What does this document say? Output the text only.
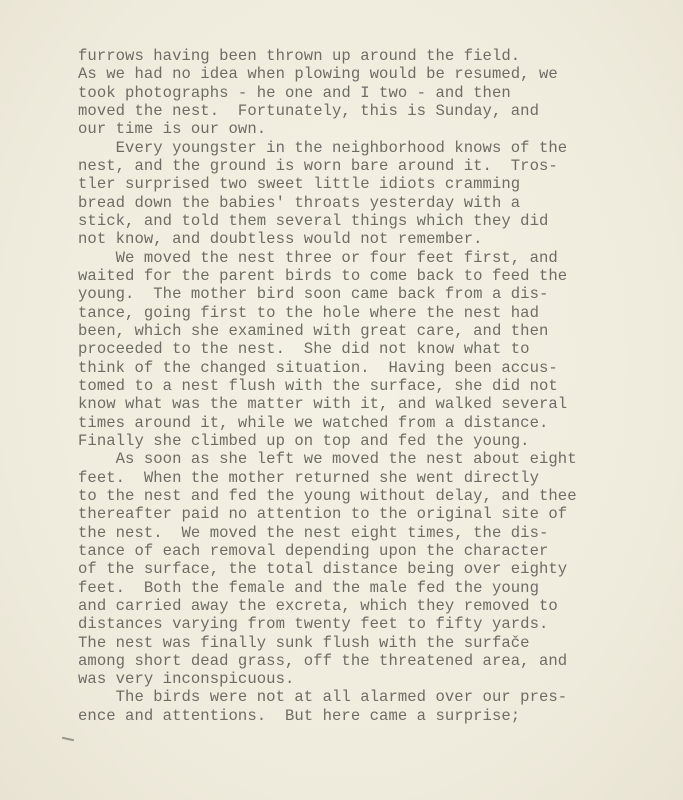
furrows having been thrown up around the field.
As we had no idea when plowing would be resumed, we
took photographs - he one and I two - and then
moved the nest.  Fortunately, this is Sunday, and
our time is our own.
Every youngster in the neighborhood knows of the
nest, and the ground is worn bare around it.  Tros-
tler surprised two sweet little idiots cramming
bread down the babies' throats yesterday with a
stick, and told them several things which they did
not know, and doubtless would not remember.
We moved the nest three or four feet first, and
waited for the parent birds to come back to feed the
young.  The mother bird soon came back from a dis-
tance, going first to the hole where the nest had
been, which she examined with great care, and then
proceeded to the nest.  She did not know what to
think of the changed situation.  Having been accus-
tomed to a nest flush with the surface, she did not
know what was the matter with it, and walked several
times around it, while we watched from a distance.
Finally she climbed up on top and fed the young.
As soon as she left we moved the nest about eight
feet.  When the mother returned she went directly
to the nest and fed the young without delay, and thee
thereafter paid no attention to the original site of
the nest.  We moved the nest eight times, the dis-
tance of each removal depending upon the character
of the surface, the total distance being over eighty
feet.  Both the female and the male fed the young
and carried away the excreta, which they removed to
distances varying from twenty feet to fifty yards.
The nest was finally sunk flush with the surfače
among short dead grass, off the threatened area, and
was very inconspicuous.
The birds were not at all alarmed over our pres-
ence and attentions.  But here came a surprise;
